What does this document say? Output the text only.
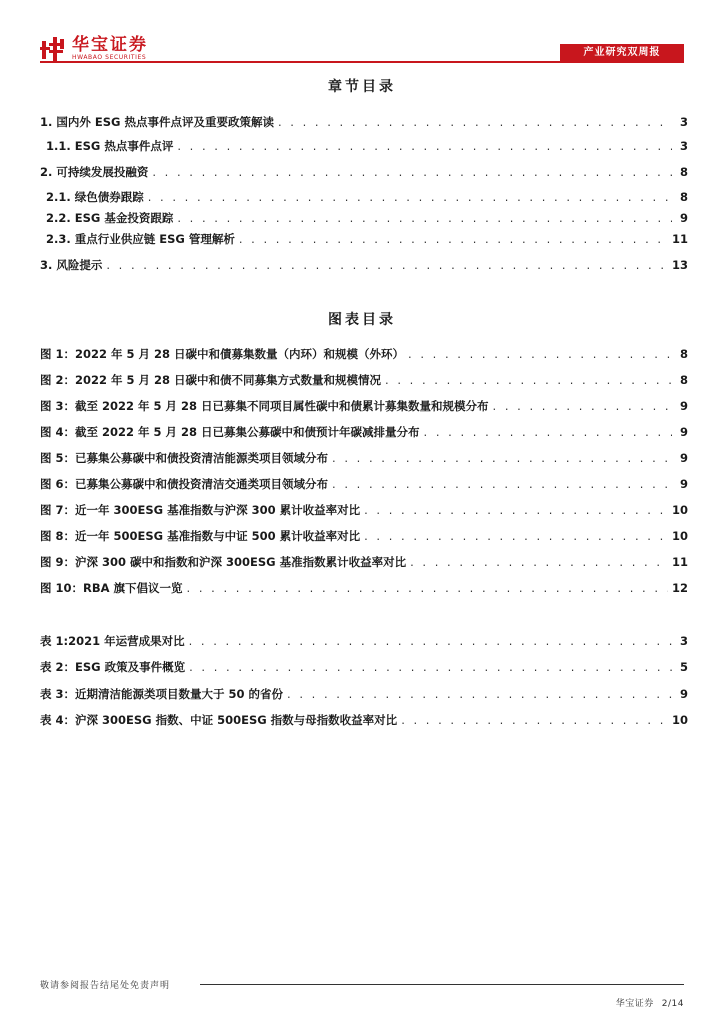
华宝证券
HWABAO SECURITIES	产业研究双周报
章节目录
1. 国内外 ESG 热点事件点评及重要政策解读 . . .	3
1.1. ESG 热点事件点评 . . .	3
2. 可持续发展投融资 . . .	8
2.1. 绿色债券跟踪 . . .	8
2.2. ESG 基金投资跟踪 . . .	9
2.3. 重点行业供应链 ESG 管理解析 . . .	11
3. 风险提示 . . .	13
图表目录
图 1：2022 年 5 月 28 日碳中和債募集数量（内环）和规模（外环） . . .	8
图 2：2022 年 5 月 28 日碳中和债不同募集方式数量和规模情况 . . .	8
图 3：截至 2022 年 5 月 28 日已募集不同项目属性碳中和债累计募集数量和规模分布 . . .	9
图 4：截至 2022 年 5 月 28 日已募集公募碳中和债预计年碳减排量分布 . . .	9
图 5：已募集公募碳中和债投资清洁能源类项目领域分布 . . .	9
图 6：已募集公募碳中和债投资清洁交通类项目领域分布 . . .	9
图 7：近一年 300ESG 基准指数与沪深 300 累计收益率对比 . . .	10
图 8：近一年 500ESG 基准指数与中证 500 累计收益率对比 . . .	10
图 9：沪深 300 碳中和指数和沪深 300ESG 基准指数累计收益率对比 . . .	11
图 10：RBA 旗下倡议一览 . . .	12
表 1:2021 年运营成果对比 . . .	3
表 2：ESG 政策及事件概览 . . .	5
表 3：近期清洁能源类项目数量大于 50 的省份 . . .	9
表 4：沪深 300ESG 指数、中证 500ESG 指数与母指数收益率对比 . . .	10
敬请参阅报告结尾处免责声明
华宝证券 2/14
